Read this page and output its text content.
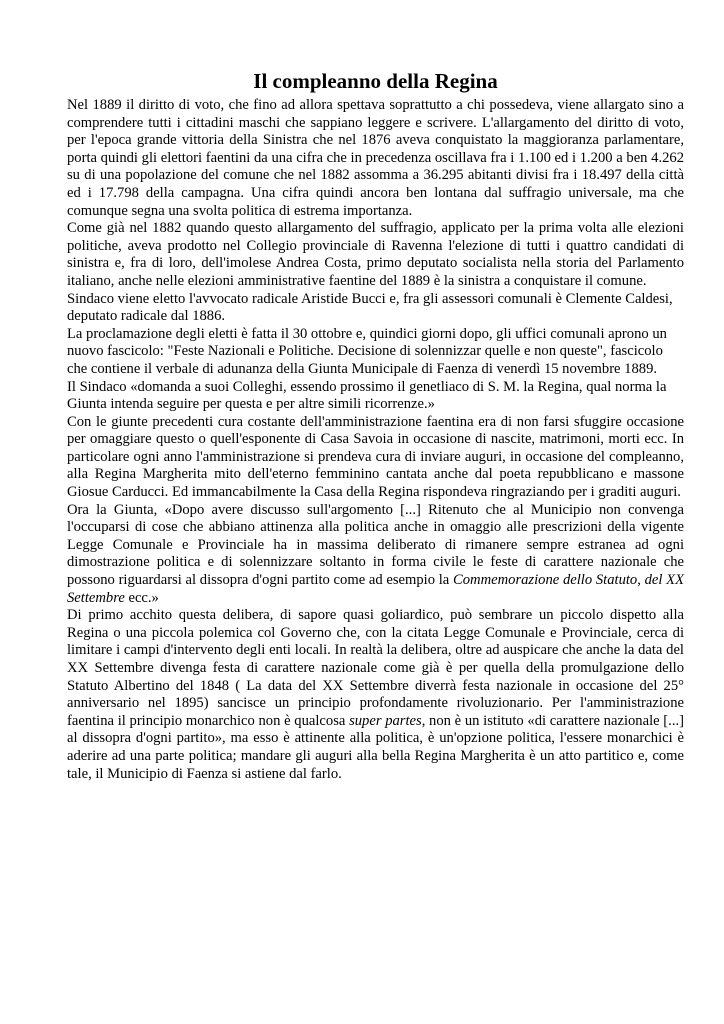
Il compleanno della Regina

Nel 1889 il diritto di voto, che fino ad allora spettava soprattutto a chi possedeva, viene allargato sino a comprendere tutti i cittadini maschi che sappiano leggere e scrivere. L'allargamento del diritto di voto, per l'epoca grande vittoria della Sinistra che nel 1876 aveva conquistato la maggioranza parlamentare, porta quindi gli elettori faentini da una cifra che in precedenza oscillava fra i 1.100 ed i 1.200 a ben 4.262 su di una popolazione del comune che nel 1882 assomma a 36.295 abitanti divisi fra i 18.497 della città ed i 17.798 della campagna. Una cifra quindi ancora ben lontana dal suffragio universale, ma che comunque segna una svolta politica di estrema importanza.

Come già nel 1882 quando questo allargamento del suffragio, applicato per la prima volta alle elezioni politiche, aveva prodotto nel Collegio provinciale di Ravenna l'elezione di tutti i quattro candidati di sinistra e, fra di loro, dell'imolese Andrea Costa, primo deputato socialista nella storia del Parlamento italiano, anche nelle elezioni amministrative faentine del 1889 è la sinistra a conquistare il comune.

Sindaco viene eletto l'avvocato radicale Aristide Bucci e, fra gli assessori comunali è Clemente Caldesi, deputato radicale dal 1886.

La proclamazione degli eletti è fatta il 30 ottobre e, quindici giorni dopo, gli uffici comunali aprono un nuovo fascicolo: "Feste Nazionali e Politiche. Decisione di solennizzar quelle e non queste", fascicolo che contiene il verbale di adunanza della Giunta Municipale di Faenza di venerdì 15 novembre 1889.

Il Sindaco «domanda a suoi Colleghi, essendo prossimo il genetliaco di S. M. la Regina, qual norma la Giunta intenda seguire per questa e per altre simili ricorrenze.»

Con le giunte precedenti cura costante dell'amministrazione faentina era di non farsi sfuggire occasione per omaggiare questo o quell'esponente di Casa Savoia in occasione di nascite, matrimoni, morti ecc. In particolare ogni anno l'amministrazione si prendeva cura di inviare auguri, in occasione del compleanno, alla Regina Margherita mito dell'eterno femminino cantata anche dal poeta repubblicano e massone Giosue Carducci. Ed immancabilmente la Casa della Regina rispondeva ringraziando per i graditi auguri.

Ora la Giunta, «Dopo avere discusso sull'argomento [...] Ritenuto che al Municipio non convenga l'occuparsi di cose che abbiano attinenza alla politica anche in omaggio alle prescrizioni della vigente Legge Comunale e Provinciale ha in massima deliberato di rimanere sempre estranea ad ogni dimostrazione politica e di solennizzare soltanto in forma civile le feste di carattere nazionale che possono riguardarsi al dissopra d'ogni partito come ad esempio la Commemorazione dello Statuto, del XX Settembre ecc.»

Di primo acchito questa delibera, di sapore quasi goliardico, può sembrare un piccolo dispetto alla Regina o una piccola polemica col Governo che, con la citata Legge Comunale e Provinciale, cerca di limitare i campi d'intervento degli enti locali. In realtà la delibera, oltre ad auspicare che anche la data del XX Settembre divenga festa di carattere nazionale come già è per quella della promulgazione dello Statuto Albertino del 1848 ( La data del XX Settembre diverrà festa nazionale in occasione del 25° anniversario nel 1895) sancisce un principio profondamente rivoluzionario. Per l'amministrazione faentina il principio monarchico non è qualcosa super partes, non è un istituto «di carattere nazionale [...] al dissopra d'ogni partito», ma esso è attinente alla politica, è un'opzione politica, l'essere monarchici è aderire ad una parte politica; mandare gli auguri alla bella Regina Margherita è un atto partitico e, come tale, il Municipio di Faenza si astiene dal farlo.
